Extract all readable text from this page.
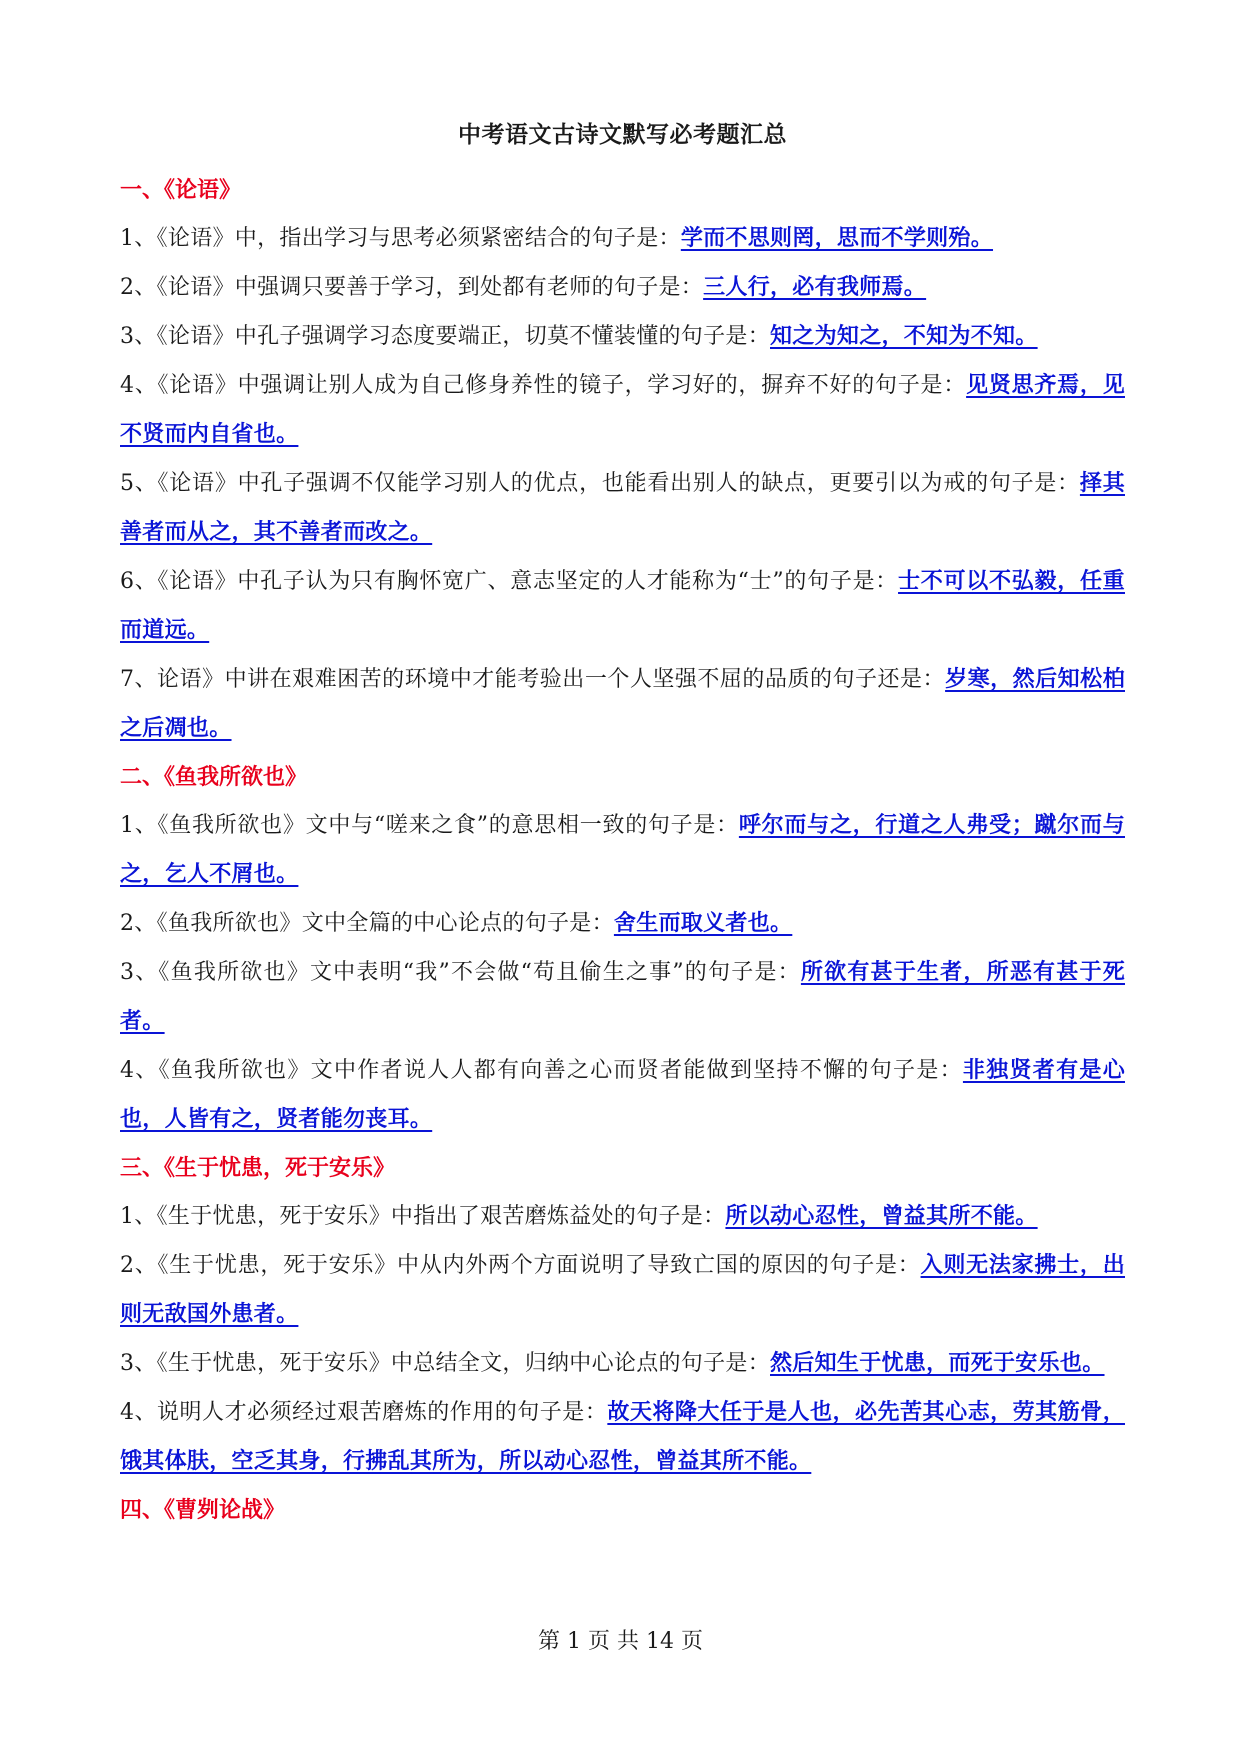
中考语文古诗文默写必考题汇总

一、《论语》

1、《论语》中，指出学习与思考必须紧密结合的句子是：学而不思则罔，思而不学则殆。

2、《论语》中强调只要善于学习，到处都有老师的句子是：三人行，必有我师焉。

3、《论语》中孔子强调学习态度要端正，切莫不懂装懂的句子是：知之为知之，不知为不知。

4、《论语》中强调让别人成为自己修身养性的镜子，学习好的，摒弃不好的句子是：见贤思齐焉，见不贤而内自省也。

5、《论语》中孔子强调不仅能学习别人的优点，也能看出别人的缺点，更要引以为戒的句子是：择其善者而从之，其不善者而改之。

6、《论语》中孔子认为只有胸怀宽广、意志坚定的人才能称为“士”的句子是：士不可以不弘毅，任重而道远。

7、论语》中讲在艰难困苦的环境中才能考验出一个人坚强不屈的品质的句子还是：岁寒，然后知松柏之后凋也。

二、《鱼我所欲也》

1、《鱼我所欲也》文中与“嗟来之食”的意思相一致的句子是：呼尔而与之，行道之人弗受；蹴尔而与之，乞人不屑也。

2、《鱼我所欲也》文中全篇的中心论点的句子是：舍生而取义者也。

3、《鱼我所欲也》文中表明“我”不会做“苟且偷生之事”的句子是：所欲有甚于生者，所恶有甚于死者。

4、《鱼我所欲也》文中作者说人人都有向善之心而贤者能做到坚持不懈的句子是：非独贤者有是心也，人皆有之，贤者能勿丧耳。

三、《生于忧患，死于安乐》

1、《生于忧患，死于安乐》中指出了艰苦磨炼益处的句子是：所以动心忍性，曾益其所不能。

2、《生于忧患，死于安乐》中从内外两个方面说明了导致亡国的原因的句子是：入则无法家拂士，出则无敌国外患者。

3、《生于忧患，死于安乐》中总结全文，归纳中心论点的句子是：然后知生于忧患，而死于安乐也。

4、说明人才必须经过艰苦磨炼的作用的句子是：故天将降大任于是人也，必先苦其心志，劳其筋骨，饿其体肤，空乏其身，行拂乱其所为，所以动心忍性，曾益其所不能。

四、《曹刿论战》

第 1 页 共 14 页
